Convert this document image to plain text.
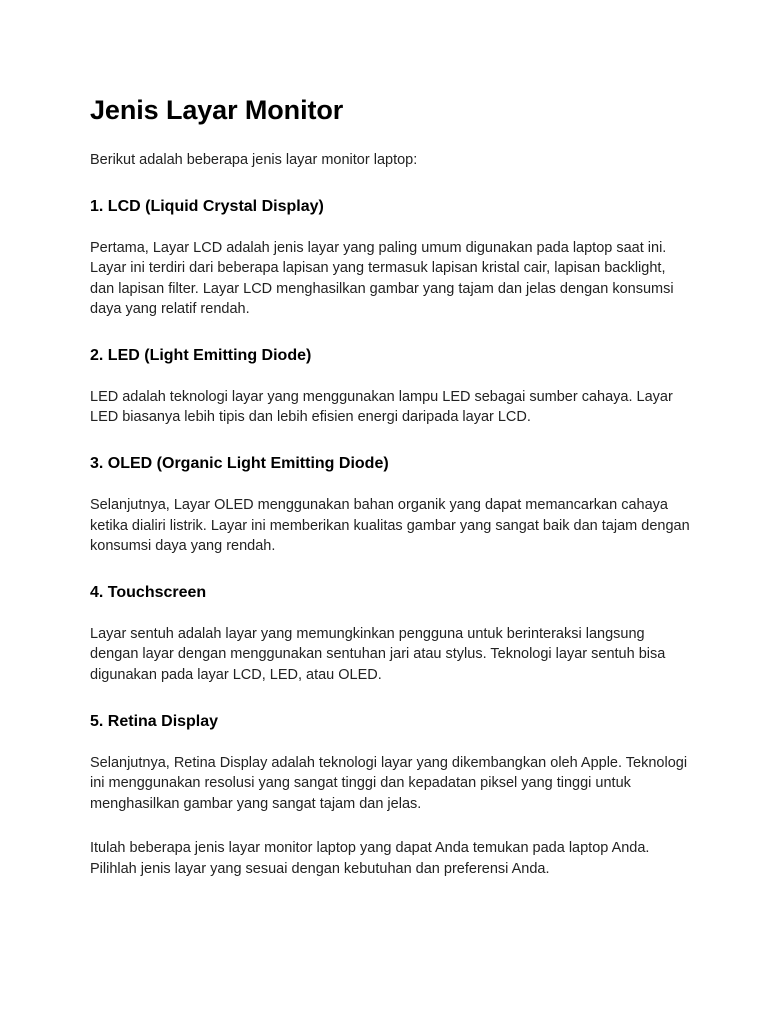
Jenis Layar Monitor

Berikut adalah beberapa jenis layar monitor laptop:

1. LCD (Liquid Crystal Display)

Pertama, Layar LCD adalah jenis layar yang paling umum digunakan pada laptop saat ini. Layar ini terdiri dari beberapa lapisan yang termasuk lapisan kristal cair, lapisan backlight, dan lapisan filter. Layar LCD menghasilkan gambar yang tajam dan jelas dengan konsumsi daya yang relatif rendah.

2. LED (Light Emitting Diode)

LED adalah teknologi layar yang menggunakan lampu LED sebagai sumber cahaya. Layar LED biasanya lebih tipis dan lebih efisien energi daripada layar LCD.

3. OLED (Organic Light Emitting Diode)

Selanjutnya, Layar OLED menggunakan bahan organik yang dapat memancarkan cahaya ketika dialiri listrik. Layar ini memberikan kualitas gambar yang sangat baik dan tajam dengan konsumsi daya yang rendah.

4. Touchscreen

Layar sentuh adalah layar yang memungkinkan pengguna untuk berinteraksi langsung dengan layar dengan menggunakan sentuhan jari atau stylus. Teknologi layar sentuh bisa digunakan pada layar LCD, LED, atau OLED.

5. Retina Display

Selanjutnya, Retina Display adalah teknologi layar yang dikembangkan oleh Apple. Teknologi ini menggunakan resolusi yang sangat tinggi dan kepadatan piksel yang tinggi untuk menghasilkan gambar yang sangat tajam dan jelas.

Itulah beberapa jenis layar monitor laptop yang dapat Anda temukan pada laptop Anda. Pilihlah jenis layar yang sesuai dengan kebutuhan dan preferensi Anda.
